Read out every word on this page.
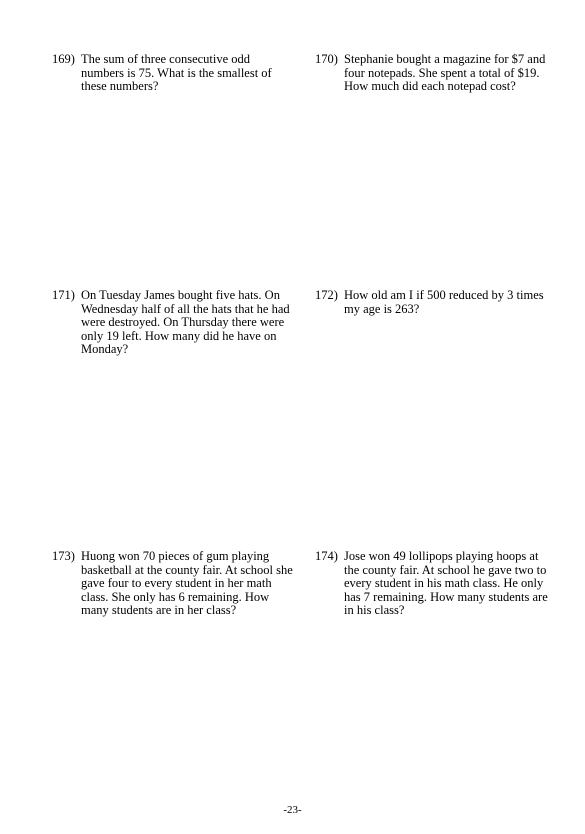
169) The sum of three consecutive odd numbers is 75. What is the smallest of these numbers?
170) Stephanie bought a magazine for $7 and four notepads. She spent a total of $19. How much did each notepad cost?
171) On Tuesday James bought five hats. On Wednesday half of all the hats that he had were destroyed. On Thursday there were only 19 left. How many did he have on Monday?
172) How old am I if 500 reduced by 3 times my age is 263?
173) Huong won 70 pieces of gum playing basketball at the county fair. At school she gave four to every student in her math class. She only has 6 remaining. How many students are in her class?
174) Jose won 49 lollipops playing hoops at the county fair. At school he gave two to every student in his math class. He only has 7 remaining. How many students are in his class?
-23-
